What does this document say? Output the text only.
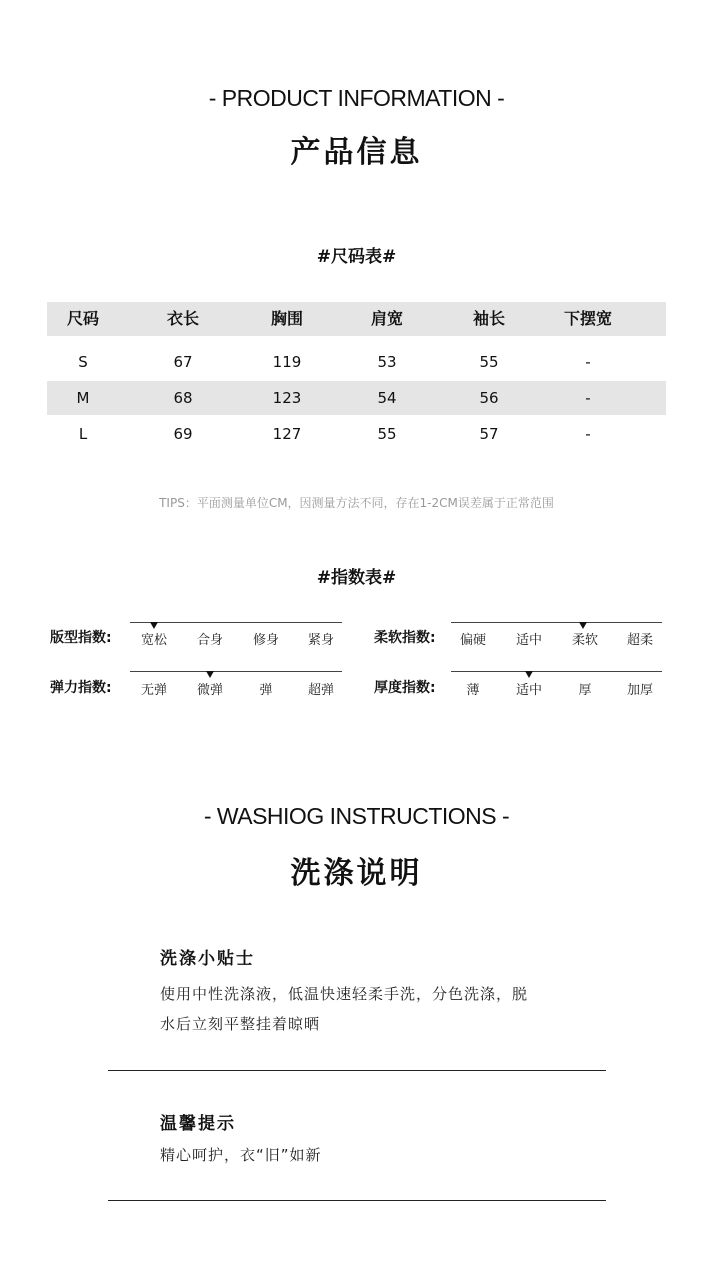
- PRODUCT INFORMATION -
产品信息
#尺码表#
尺码	衣长	胸围	肩宽	袖长	下摆宽
S	67	119	53	55	-
M	68	123	54	56	-
L	69	127	55	57	-
TIPS：平面测量单位CM，因测量方法不同，存在1-2CM误差属于正常范围
#指数表#
版型指数:	宽松	合身	修身	紧身	柔软指数:	偏硬	适中	柔软	超柔
弹力指数:	无弹	微弹	弹	超弹	厚度指数:	薄	适中	厚	加厚
- WASHIOG INSTRUCTIONS -
洗涤说明
洗涤小贴士
使用中性洗涤液，低温快速轻柔手洗，分色洗涤，脱
水后立刻平整挂着晾晒
温馨提示
精心呵护，衣“旧”如新
